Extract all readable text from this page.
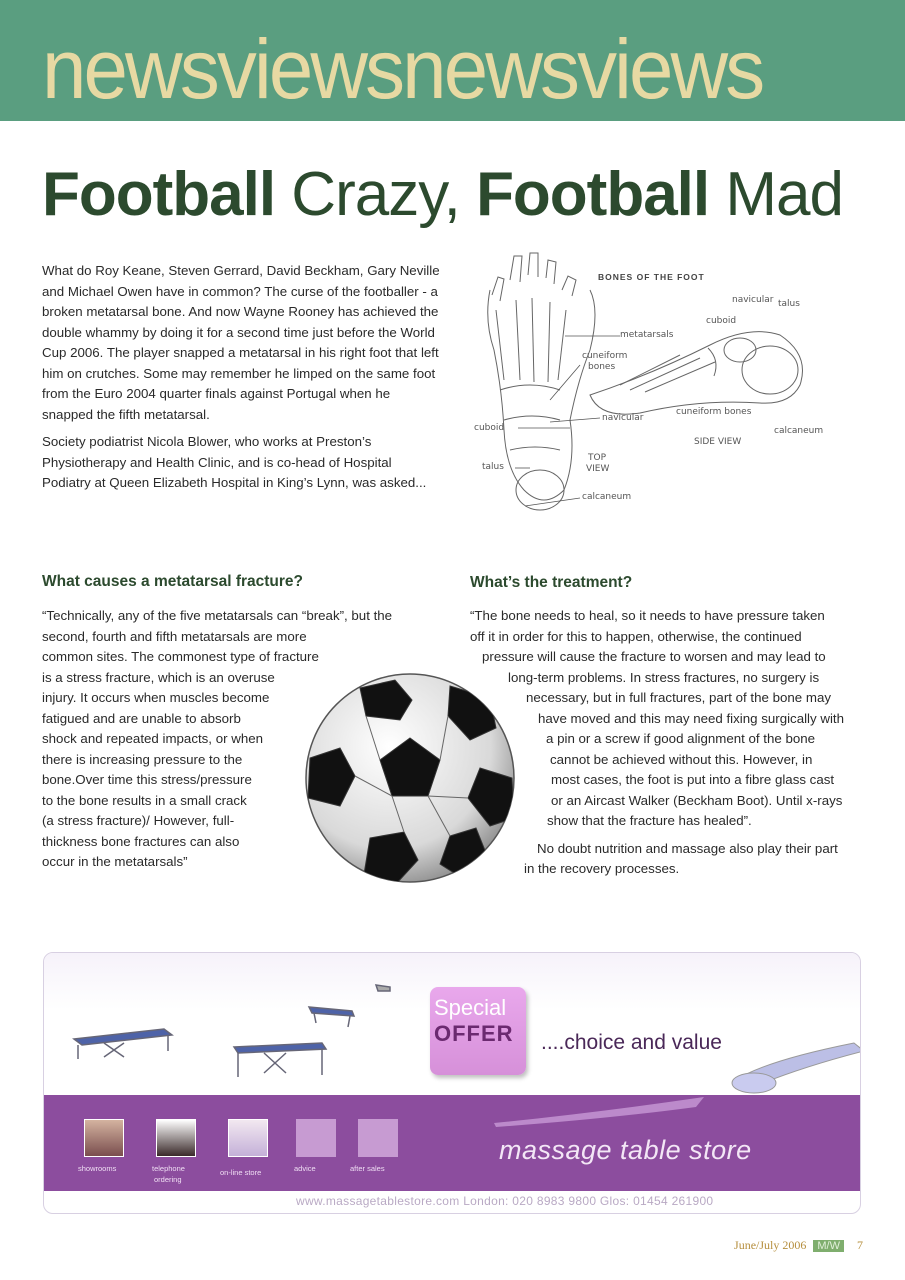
newsviewsnewsviews
Football Crazy, Football Mad

What do Roy Keane, Steven Gerrard, David Beckham, Gary Neville and Michael Owen have in common? The curse of the footballer - a broken metatarsal bone. And now Wayne Rooney has achieved the double whammy by doing it for a second time just before the World Cup 2006. The player snapped a metatarsal in his right foot that left him on crutches. Some may remember he limped on the same foot from the Euro 2004 quarter finals against Portugal when he snapped the fifth metatarsal.

Society podiatrist Nicola Blower, who works at Preston’s Physiotherapy and Health Clinic, and is co-head of Hospital Podiatry at Queen Elizabeth Hospital in King’s Lynn, was asked...

BONES OF THE FOOT
navicular talus
cuboid
metatarsals
cuneiform
bones
navicular
cuneiform bones
cuboid	calcaneum
SIDE VIEW
TOP
VIEW
talus
calcaneum
What causes a metatarsal fracture?	What’s the treatment?
“Technically, any of the five metatarsals can “break”, but the
second, fourth and fifth metatarsals are more
common sites. The commonest type of fracture
is a stress fracture, which is an overuse
injury. It occurs when muscles become
fatigued and are unable to absorb
shock and repeated impacts, or when
there is increasing pressure to the
bone.Over time this stress/pressure
to the bone results in a small crack
(a stress fracture)/ However, full-
thickness bone fractures can also
occur in the metatarsals”
“The bone needs to heal, so it needs to have pressure taken
off it in order for this to happen, otherwise, the continued
pressure will cause the fracture to worsen and may lead to
long-term problems. In stress fractures, no surgery is
necessary, but in full fractures, part of the bone may
have moved and this may need fixing surgically with
a pin or a screw if good alignment of the bone
cannot be achieved without this. However, in
most cases, the foot is put into a fibre glass cast
or an Aircast Walker (Beckham Boot). Until x-rays
show that the fracture has healed”.
No doubt nutrition and massage also play their part
in the recovery processes.
Special
OFFER	....choice and value
massage table store
showrooms	telephone
ordering
on-line store	advice	after sales
www.massagetablestore.com London: 020 8983 9800 Glos: 01454 261900
June/July 2006 M/W 7
